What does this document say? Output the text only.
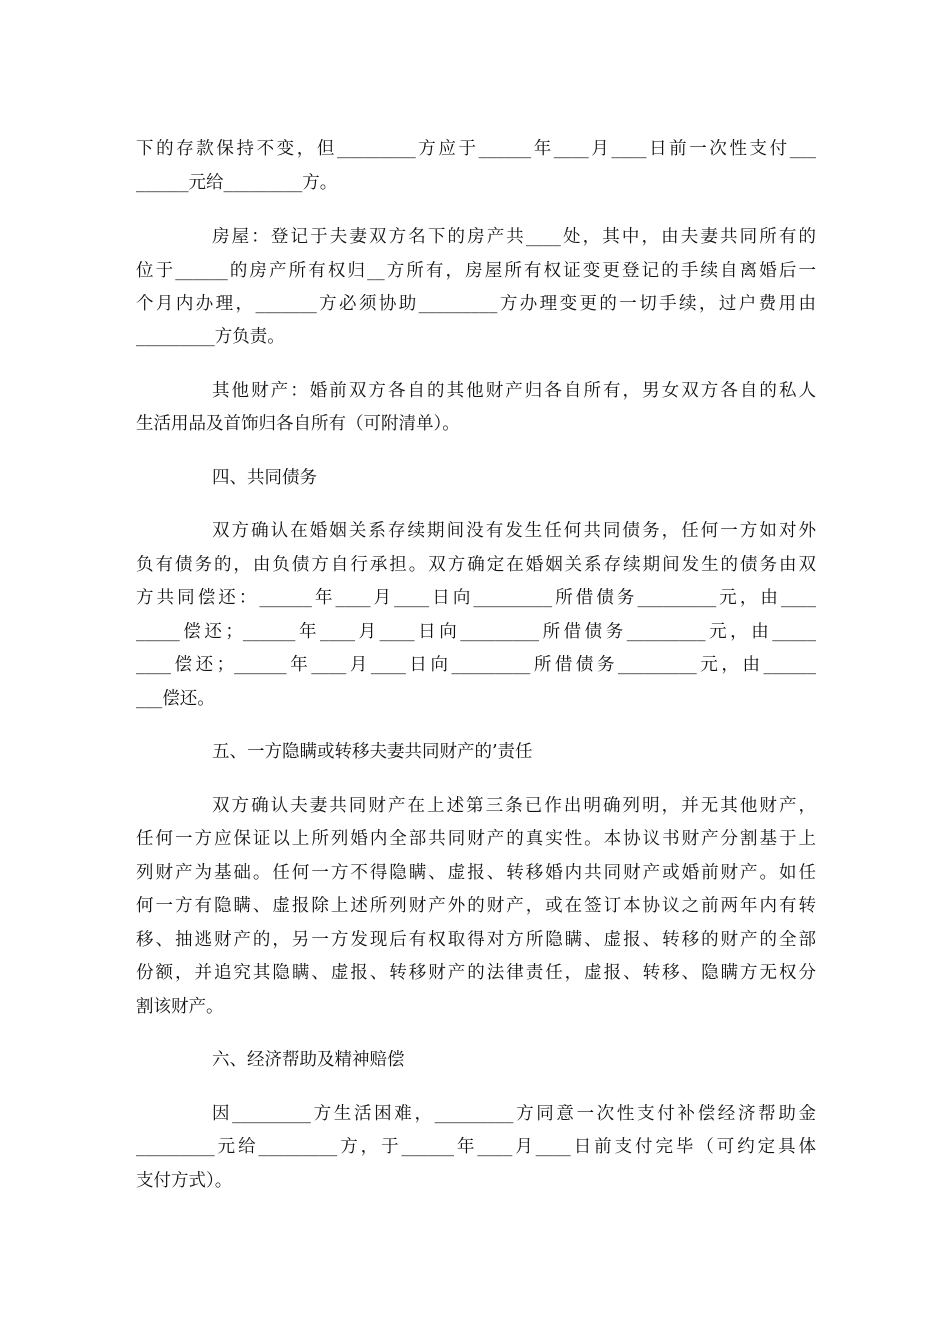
下的存款保持不变，但_________方应于______年____月____日前一次性支付___
______元给_________方。
房屋：登记于夫妻双方名下的房产共____处，其中，由夫妻共同所有的
位于______的房产所有权归__方所有，房屋所有权证变更登记的手续自离婚后一
个月内办理，_______方必须协助_________方办理变更的一切手续，过户费用由
_________方负责。
其他财产：婚前双方各自的其他财产归各自所有，男女双方各自的私人
生活用品及首饰归各自所有（可附清单）。
四、共同债务
双方确认在婚姻关系存续期间没有发生任何共同债务，任何一方如对外
负有债务的，由负债方自行承担。双方确定在婚姻关系存续期间发生的债务由双
方共同偿还：______年____月____日向_________所借债务_________元，由____
_____偿还；______年____月____日向_________所借债务_________元，由_____
____偿还；______年____月____日向_________所借债务_________元，由______
___偿还。
五、一方隐瞒或转移夫妻共同财产的’责任
双方确认夫妻共同财产在上述第三条已作出明确列明，并无其他财产，
任何一方应保证以上所列婚内全部共同财产的真实性。本协议书财产分割基于上
列财产为基础。任何一方不得隐瞒、虚报、转移婚内共同财产或婚前财产。如任
何一方有隐瞒、虚报除上述所列财产外的财产，或在签订本协议之前两年内有转
移、抽逃财产的，另一方发现后有权取得对方所隐瞒、虚报、转移的财产的全部
份额，并追究其隐瞒、虚报、转移财产的法律责任，虚报、转移、隐瞒方无权分
割该财产。
六、经济帮助及精神赔偿
因_________方生活困难，_________方同意一次性支付补偿经济帮助金
_________元给_________方，于______年____月____日前支付完毕（可约定具体
支付方式）。
